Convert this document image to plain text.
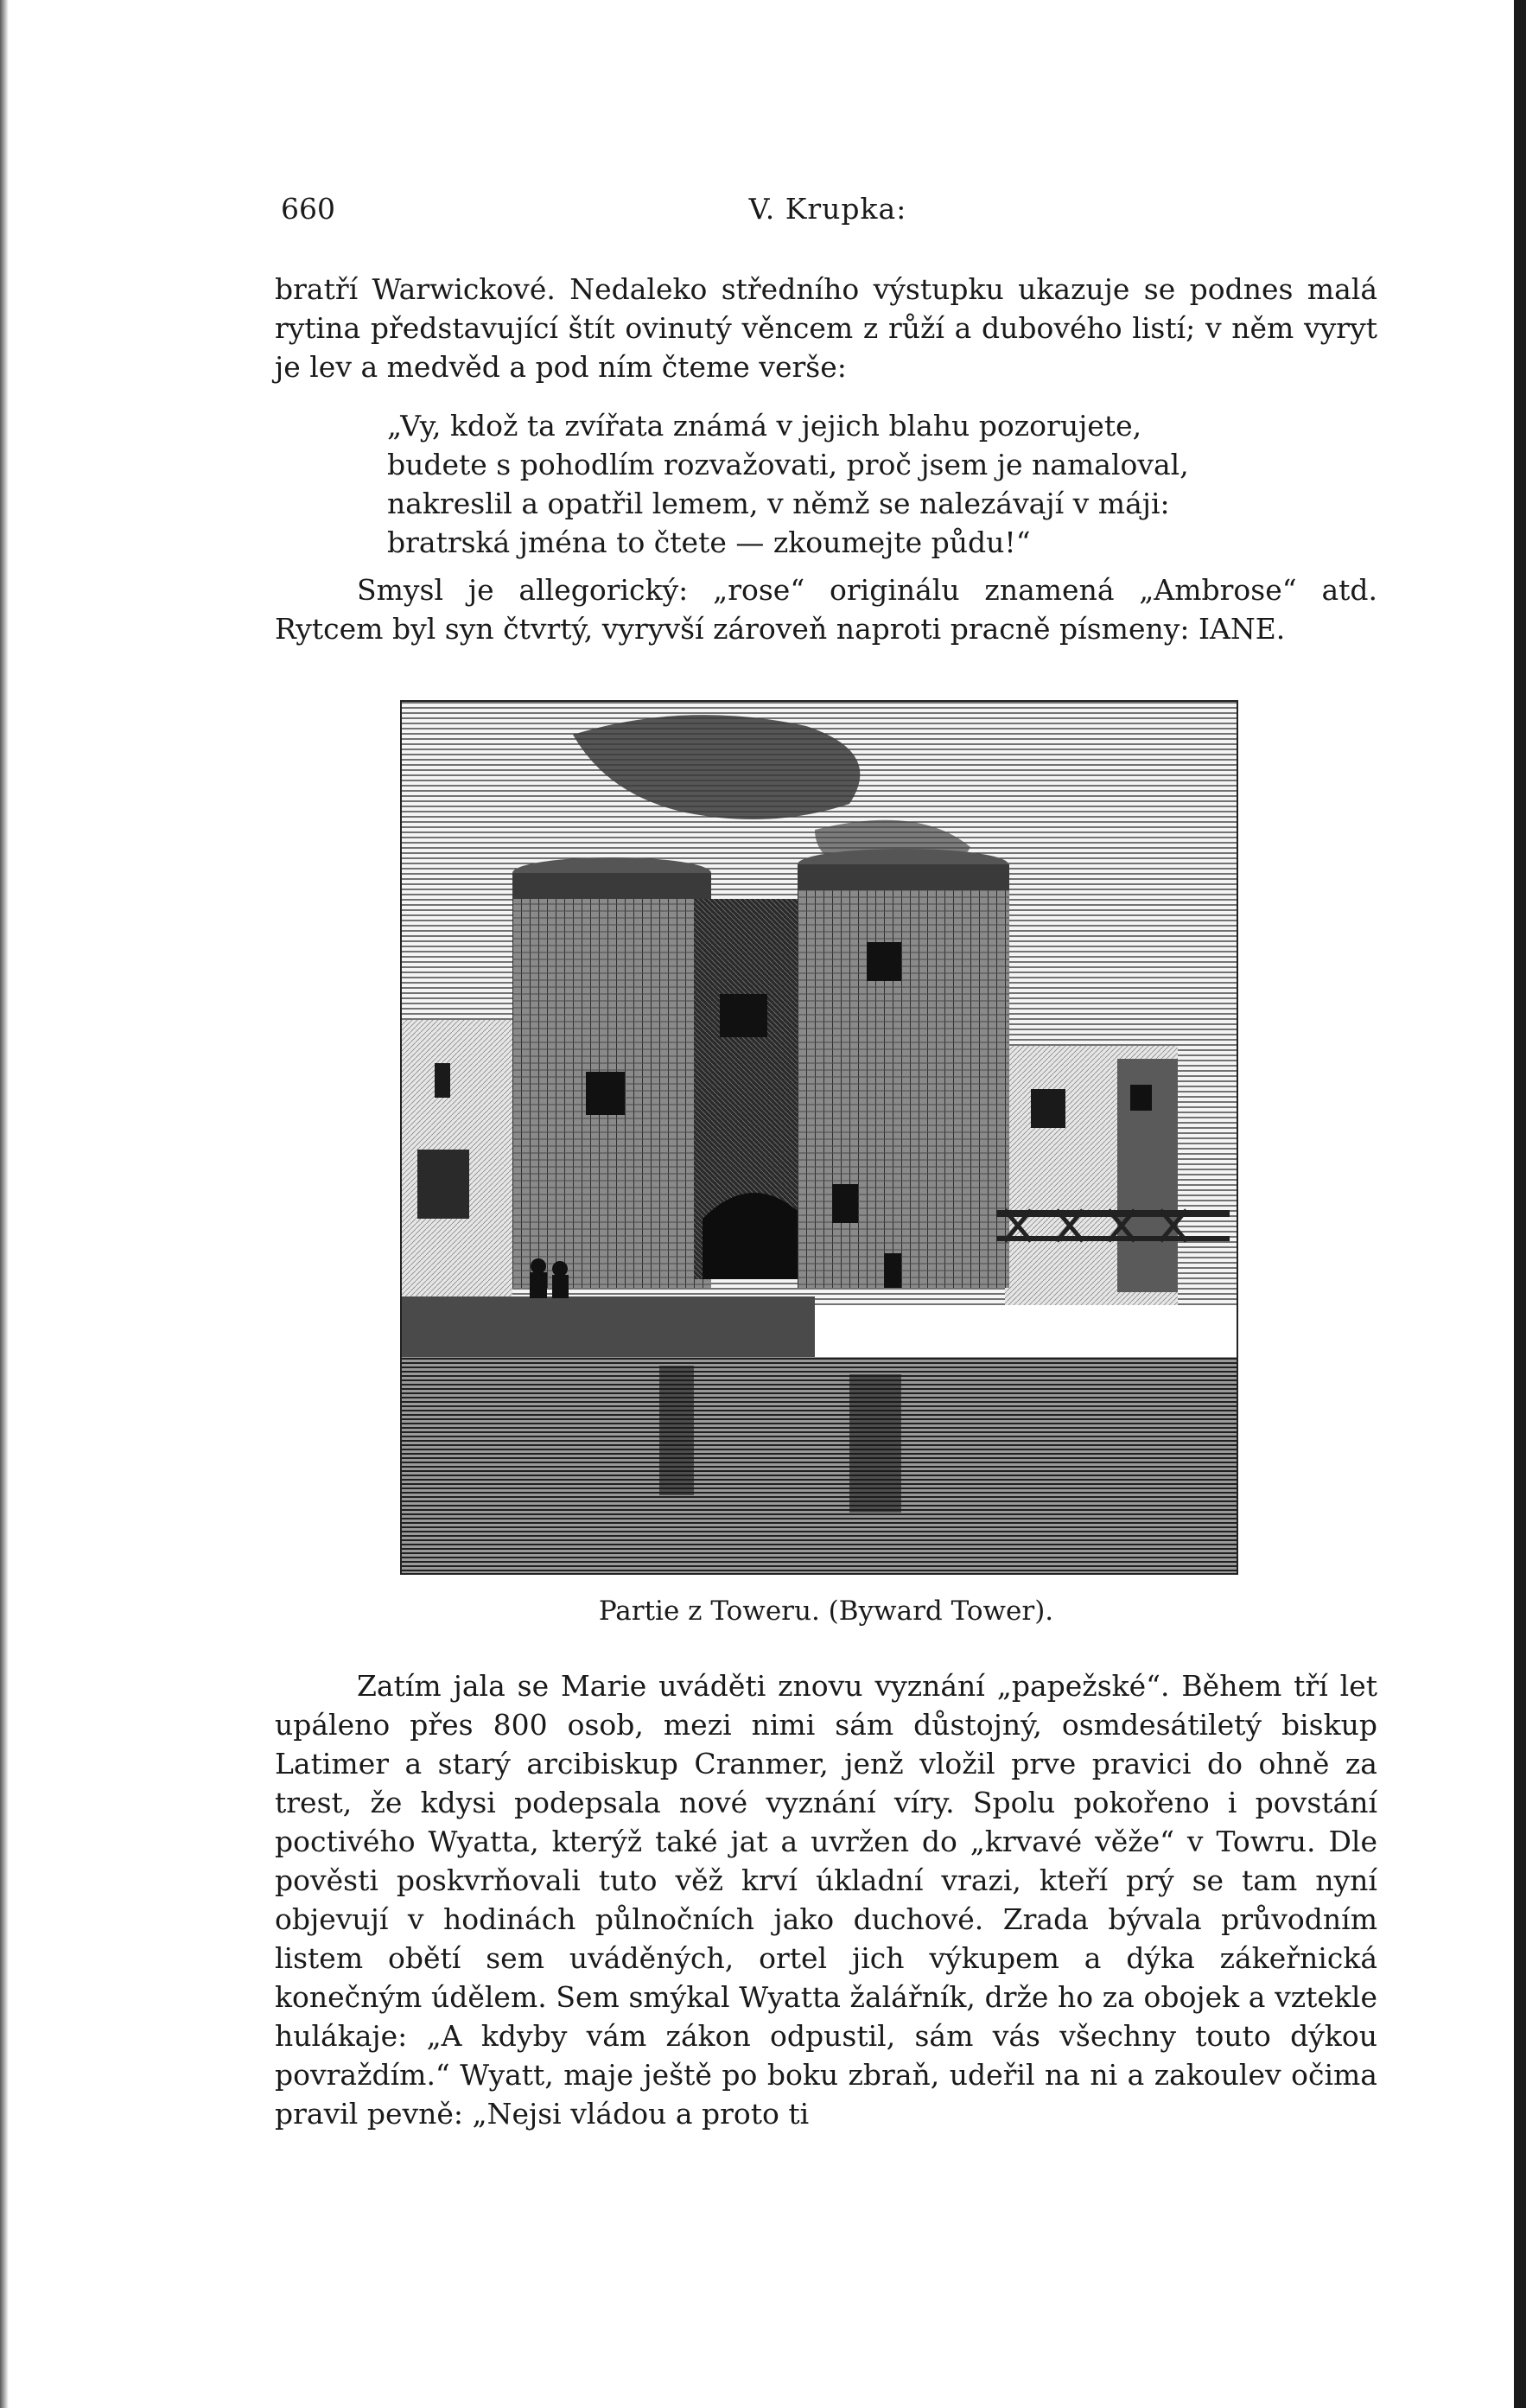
660	V. Krupka:
bratří Warwickové. Nedaleko středního výstupku ukazuje se podnes malá rytina představující štít ovinutý věncem z růží a dubového listí; v něm vyryt je lev a medvěd a pod ním čteme verše:
„Vy, kdož ta zvířata známá v jejich blahu pozorujete,
budete s pohodlím rozvažovati, proč jsem je namaloval,
nakreslil a opatřil lemem, v němž se nalezávají v máji:
bratrská jména to čtete — zkoumejte půdu!“
Smysl je allegorický: „rose“ originálu znamená „Ambrose“ atd. Rytcem byl syn čtvrtý, vyryvší zároveň naproti pracně písmeny: IANE.
Partie z Toweru. (Byward Tower).
Zatím jala se Marie uváděti znovu vyznání „papežské“. Během tří let upáleno přes 800 osob, mezi nimi sám důstojný, osmdesátiletý biskup Latimer a starý arcibiskup Cranmer, jenž vložil prve pravici do ohně za trest, že kdysi podepsala nové vyznání víry. Spolu pokořeno i povstání poctivého Wyatta, kterýž také jat a uvržen do „krvavé věže“ v Towru. Dle pověsti poskvrňovali tuto věž krví úkladní vrazi, kteří prý se tam nyní objevují v hodinách půlnočních jako duchové. Zrada bývala průvodním listem obětí sem uváděných, ortel jich výkupem a dýka zákeřnická konečným údělem. Sem smýkal Wyatta žalářník, drže ho za obojek a vztekle hulákaje: „A kdyby vám zákon odpustil, sám vás všechny touto dýkou povraždím.“ Wyatt, maje ještě po boku zbraň, udeřil na ni a zakoulev očima pravil pevně: „Nejsi vládou a proto ti
